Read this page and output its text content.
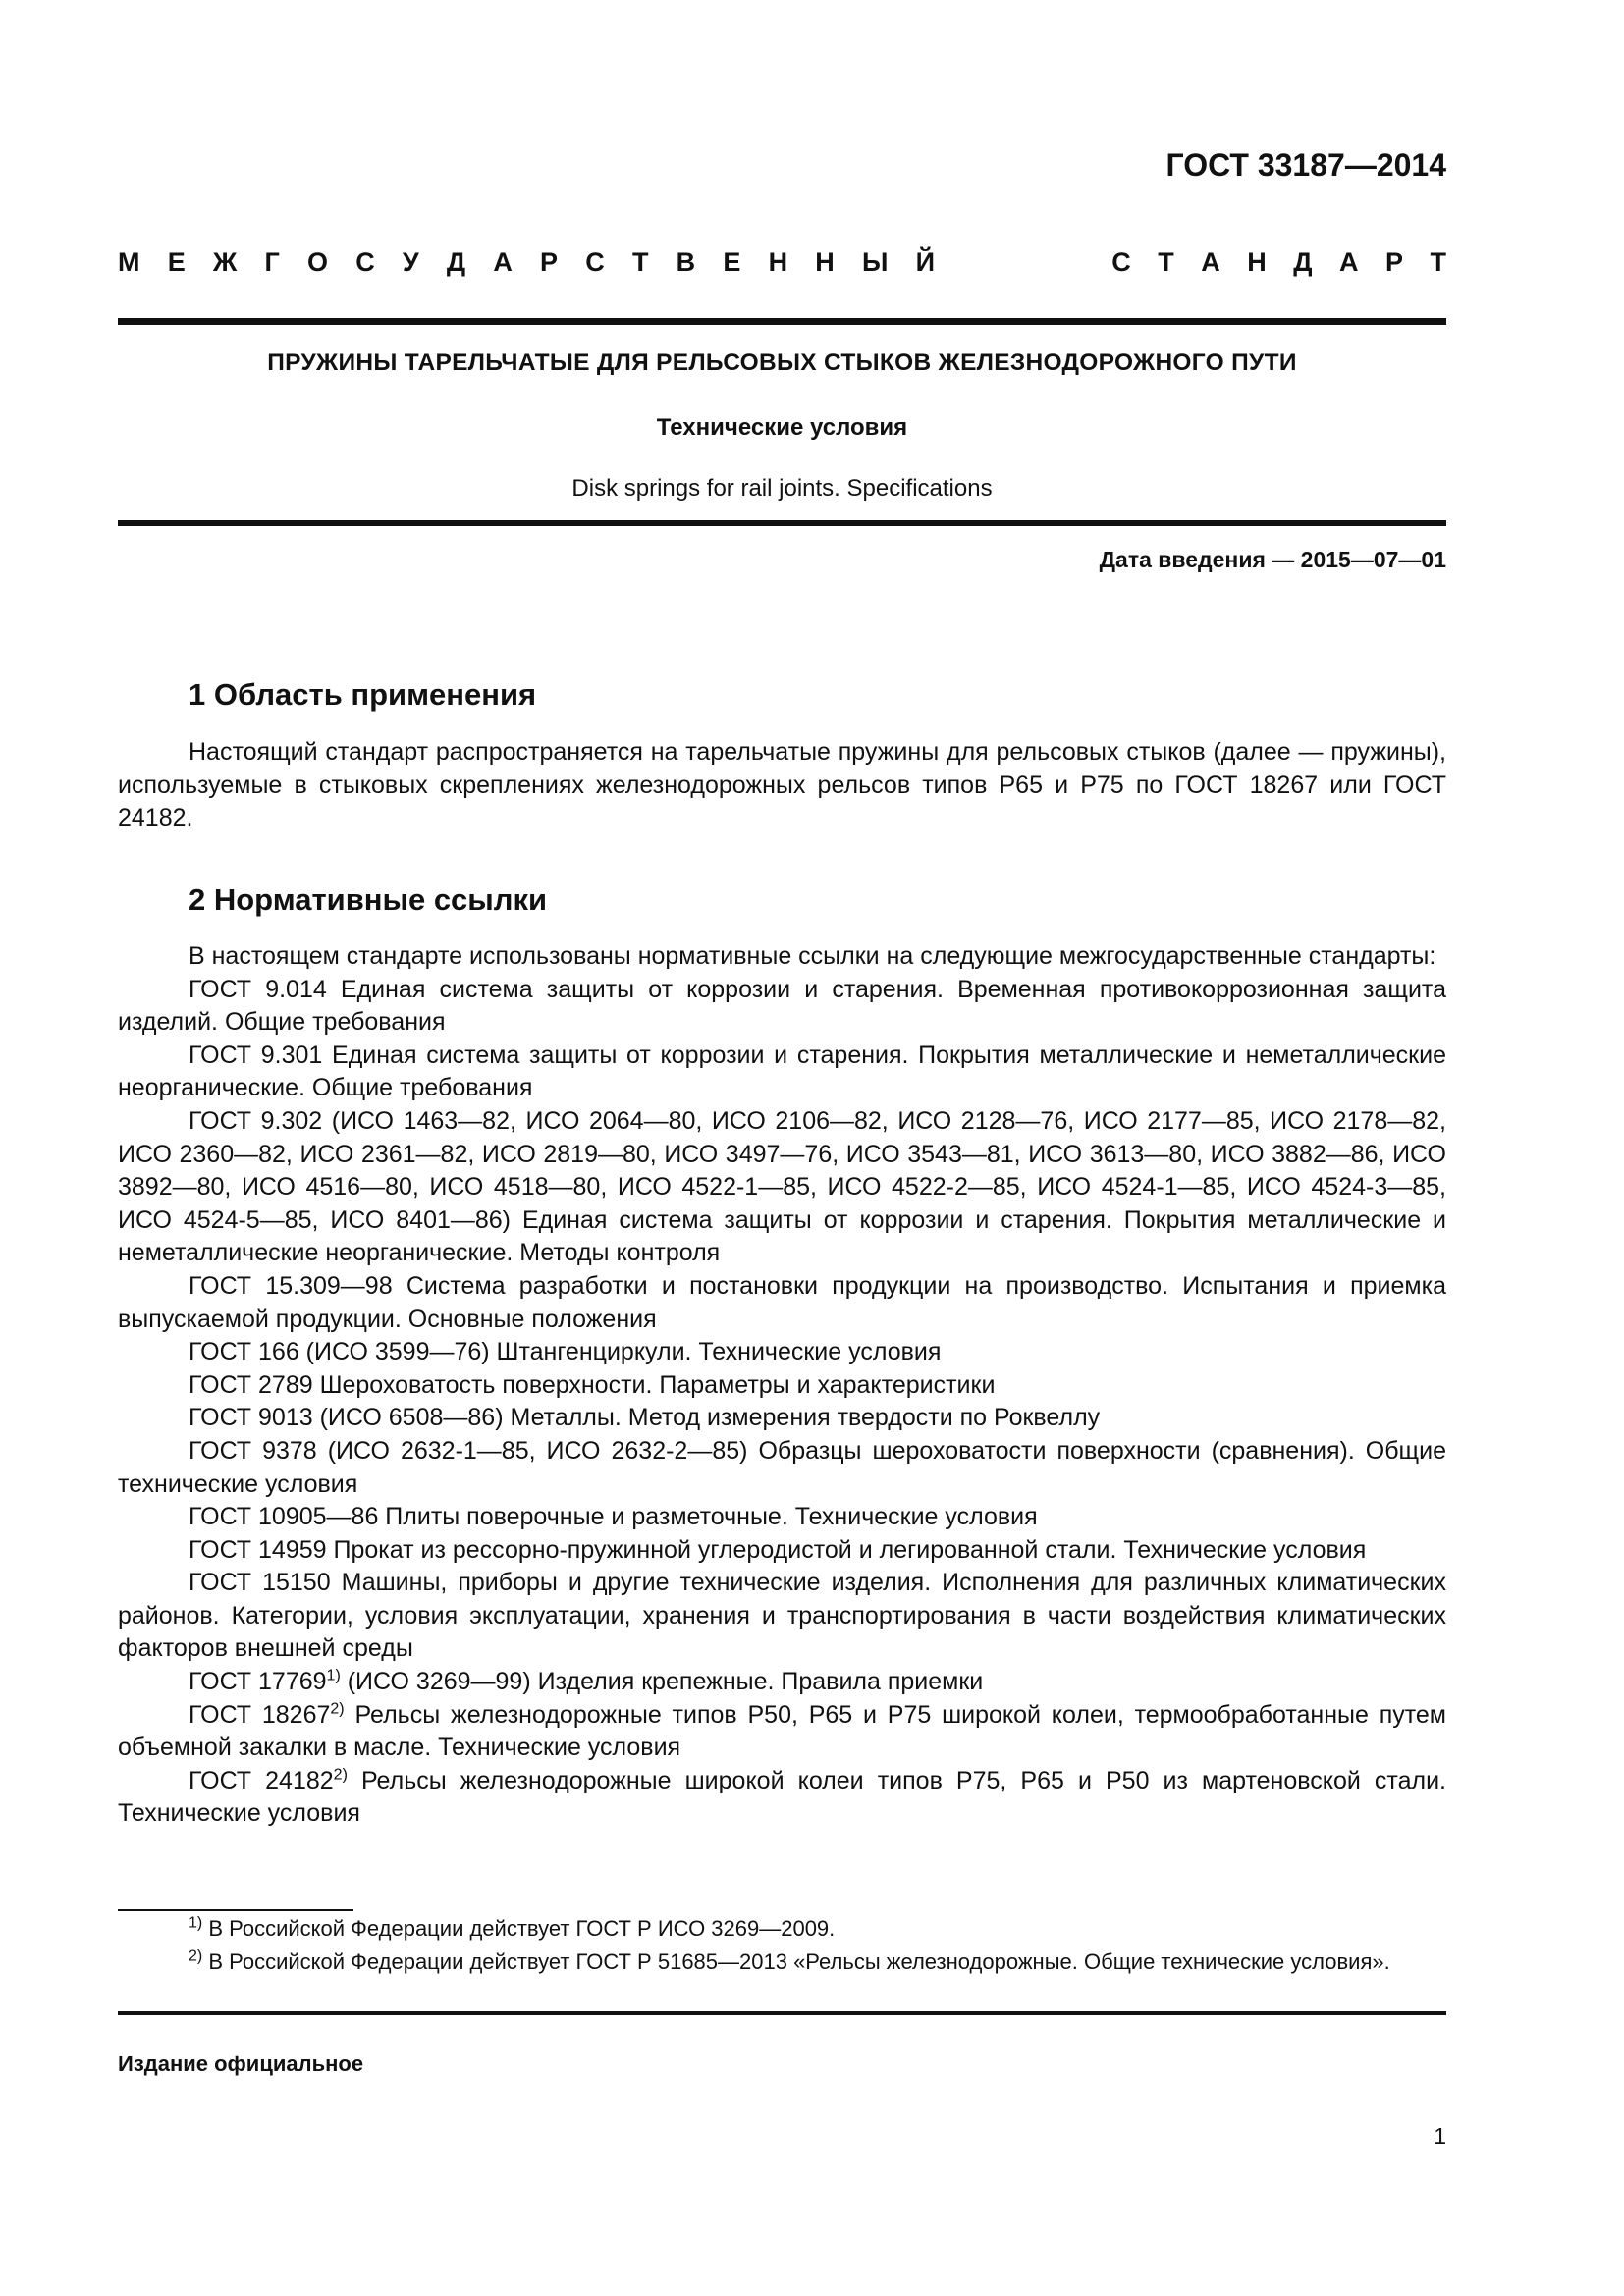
ГОСТ 33187—2014
М Е Ж Г О С У Д А Р С Т В Е Н Н Ы Й	С Т А Н Д А Р Т
ПРУЖИНЫ ТАРЕЛЬЧАТЫЕ ДЛЯ РЕЛЬСОВЫХ СТЫКОВ ЖЕЛЕЗНОДОРОЖНОГО ПУТИ
Технические условия
Disk springs for rail joints. Specifications
Дата введения — 2015—07—01
1 Область применения

Настоящий стандарт распространяется на тарельчатые пружины для рельсовых стыков (далее — пружины), используемые в стыковых скреплениях железнодорожных рельсов типов Р65 и Р75 по ГОСТ 18267 или ГОСТ 24182.

2 Нормативные ссылки

В настоящем стандарте использованы нормативные ссылки на следующие межгосударственные стандарты:

ГОСТ 9.014 Единая система защиты от коррозии и старения. Временная противокоррозионная защита изделий. Общие требования

ГОСТ 9.301 Единая система защиты от коррозии и старения. Покрытия металлические и неметаллические неорганические. Общие требования

ГОСТ 9.302 (ИСО 1463—82, ИСО 2064—80, ИСО 2106—82, ИСО 2128—76, ИСО 2177—85, ИСО 2178—82, ИСО 2360—82, ИСО 2361—82, ИСО 2819—80, ИСО 3497—76, ИСО 3543—81, ИСО 3613—80, ИСО 3882—86, ИСО 3892—80, ИСО 4516—80, ИСО 4518—80, ИСО 4522-1—85, ИСО 4522-2—85, ИСО 4524-1—85, ИСО 4524-3—85, ИСО 4524-5—85, ИСО 8401—86) Единая система защиты от коррозии и старения. Покрытия металлические и неметаллические неорганические. Методы контроля

ГОСТ 15.309—98 Система разработки и постановки продукции на производство. Испытания и приемка выпускаемой продукции. Основные положения

ГОСТ 166 (ИСО 3599—76) Штангенциркули. Технические условия

ГОСТ 2789 Шероховатость поверхности. Параметры и характеристики

ГОСТ 9013 (ИСО 6508—86) Металлы. Метод измерения твердости по Роквеллу

ГОСТ 9378 (ИСО 2632-1—85, ИСО 2632-2—85) Образцы шероховатости поверхности (сравнения). Общие технические условия

ГОСТ 10905—86 Плиты поверочные и разметочные. Технические условия

ГОСТ 14959 Прокат из рессорно-пружинной углеродистой и легированной стали. Технические условия

ГОСТ 15150 Машины, приборы и другие технические изделия. Исполнения для различных климатических районов. Категории, условия эксплуатации, хранения и транспортирования в части воздействия климатических факторов внешней среды

ГОСТ 17769$^{1)}$ (ИСО 3269—99) Изделия крепежные. Правила приемки

ГОСТ 18267$^{2)}$ Рельсы железнодорожные типов Р50, Р65 и Р75 широкой колеи, термообработанные путем объемной закалки в масле. Технические условия

ГОСТ 24182$^{2)}$ Рельсы железнодорожные широкой колеи типов Р75, Р65 и Р50 из мартеновской стали. Технические условия

$^{1)}$ В Российской Федерации действует ГОСТ Р ИСО 3269—2009.

$^{2)}$ В Российской Федерации действует ГОСТ Р 51685—2013 «Рельсы железнодорожные. Общие технические условия».

Издание официальное
1
